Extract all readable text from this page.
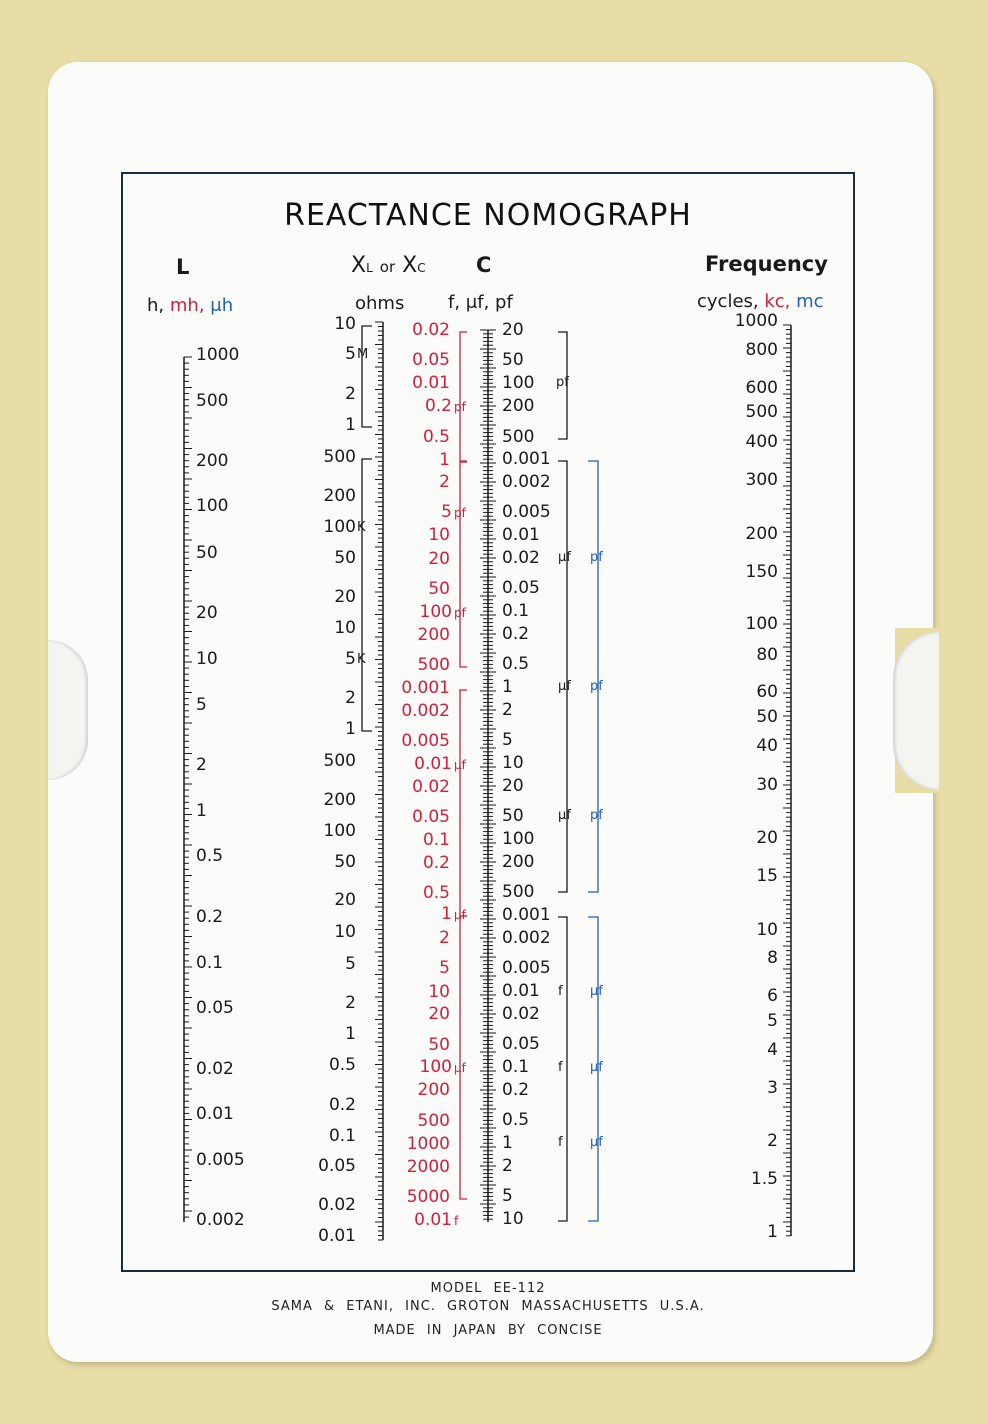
REACTANCE NOMOGRAPH
L	XL or XC C	Frequency
h, mh, μh	ohms f, μf, pf	cycles, kc, mc
1000
500
200
100
50
20
10
5
2
1
0.5
0.2
0.1
0.05
0.02
0.01
0.005
0.002
10
5
2
1
500
200
100
50
20
10
5
2
1
500
200
100
50
20
10
5
2
1
0.5
0.2
0.1
0.05
0.02
0.01
M
K
K
0.02
0.05
0.01
0.2 pf
0.5
1
2
5 pf
10
20
50
100 pf
200
500
0.001
0.002
0.005
0.01 μf
0.02
0.05
0.1
0.2
0.5
1 μf
2
5
10
20
50
100 μf
200
500
1000
2000
5000
0.01 f
20
50
100
200
500
0.001
0.002
0.005
0.01
0.02
0.05
0.1
0.2
0.5
1
2
5
10
20
50
100
200
500
0.001
0.002
0.005
0.01
0.02
0.05
0.1
0.2
0.5
1
2
5
10
pf
μf pf
μf pf
μf pf
f μf
f μf
f μf
1000
800
600
500
400
300
200
150
100
80
60
50
40
30
20
15
10
8
6
5
4
3
2
1.5
1
MODEL EE-112
SAMA & ETANI, INC. GROTON MASSACHUSETTS U.S.A.
MADE IN JAPAN BY CONCISE
